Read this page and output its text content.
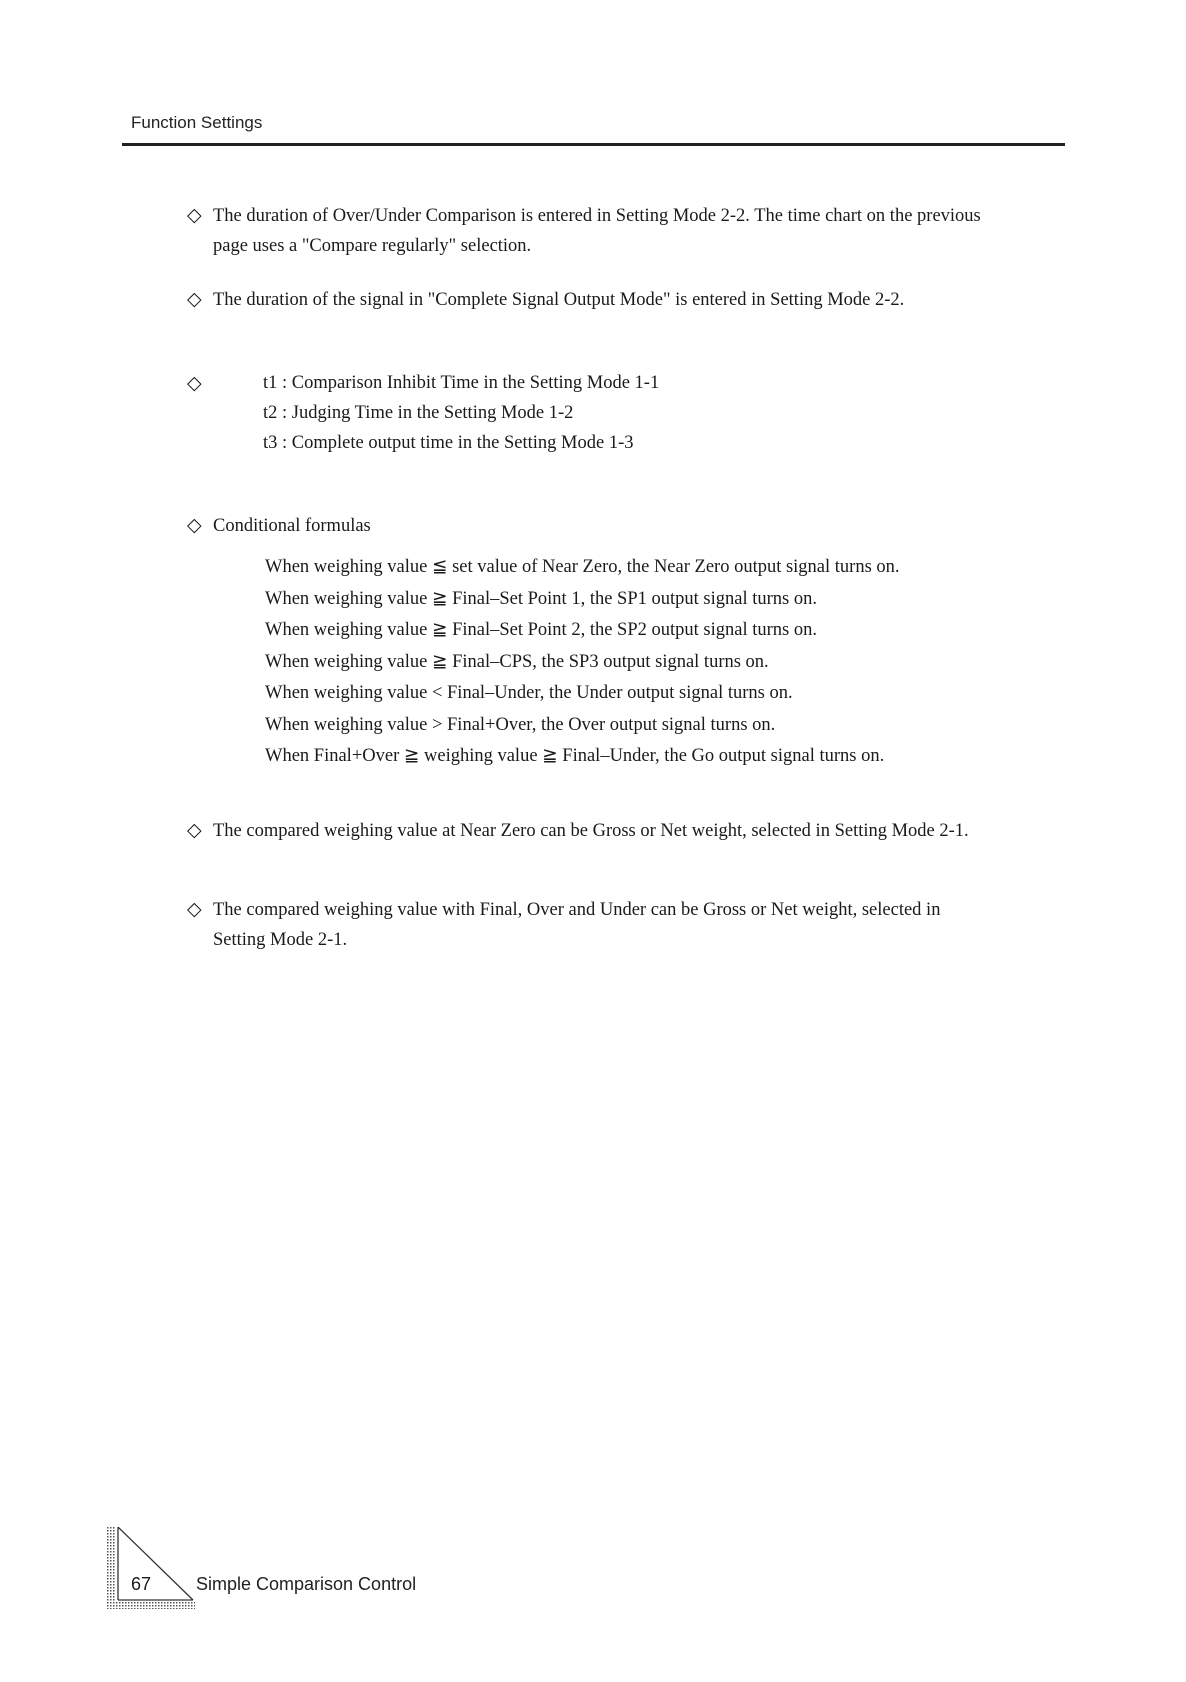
Function Settings
◇ The duration of Over/Under Comparison is entered in Setting Mode 2-2. The time chart on the previous
page uses a "Compare regularly" selection.
◇ The duration of the signal in "Complete Signal Output Mode" is entered in Setting Mode 2-2.
◇	t1 : Comparison Inhibit Time in the Setting Mode 1-1
t2 : Judging Time in the Setting Mode 1-2
t3 : Complete output time in the Setting Mode 1-3
◇ Conditional formulas
When weighing value ≦ set value of Near Zero, the Near Zero output signal turns on.
When weighing value ≧ Final–Set Point 1, the SP1 output signal turns on.
When weighing value ≧ Final–Set Point 2, the SP2 output signal turns on.
When weighing value ≧ Final–CPS, the SP3 output signal turns on.
When weighing value < Final–Under, the Under output signal turns on.
When weighing value > Final+Over, the Over output signal turns on.
When Final+Over ≧ weighing value ≧ Final–Under, the Go output signal turns on.
◇ The compared weighing value at Near Zero can be Gross or Net weight, selected in Setting Mode 2-1.
◇ The compared weighing value with Final, Over and Under can be Gross or Net weight, selected in
Setting Mode 2-1.
67 Simple Comparison Control
